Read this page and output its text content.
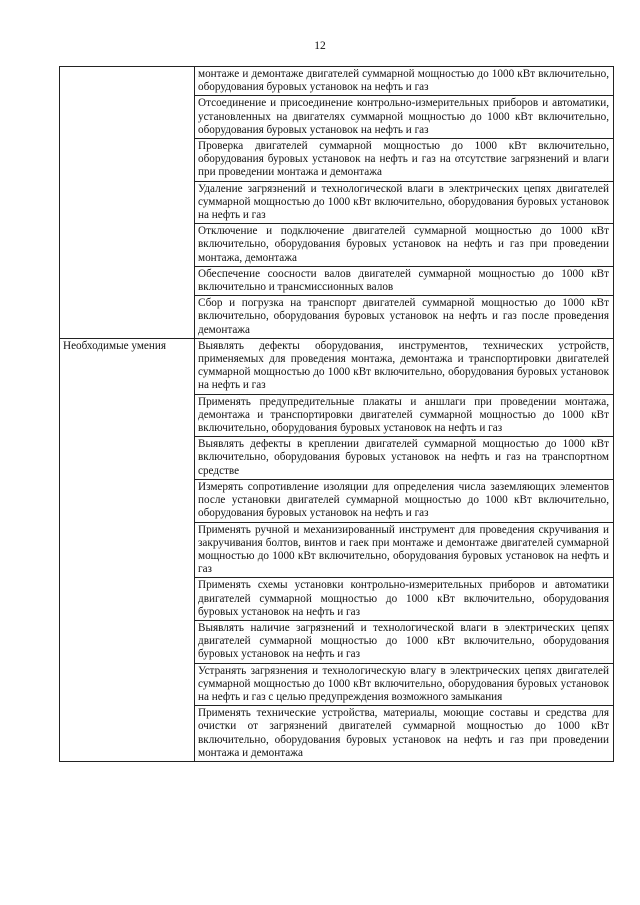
12
	монтаже и демонтаже двигателей суммарной мощностью до 1000 кВт включительно, оборудования буровых установок на нефть и газ
	Отсоединение и присоединение контрольно-измерительных приборов и автоматики, установленных на двигателях суммарной мощностью до 1000 кВт включительно, оборудования буровых установок на нефть и газ
	Проверка двигателей суммарной мощностью до 1000 кВт включительно, оборудования буровых установок на нефть и газ на отсутствие загрязнений и влаги при проведении монтажа и демонтажа
	Удаление загрязнений и технологической влаги в электрических цепях двигателей суммарной мощностью до 1000 кВт включительно, оборудования буровых установок на нефть и газ
	Отключение и подключение двигателей суммарной мощностью до 1000 кВт включительно, оборудования буровых установок на нефть и газ при проведении монтажа, демонтажа
	Обеспечение соосности валов двигателей суммарной мощностью до 1000 кВт включительно и трансмиссионных валов
	Сбор и погрузка на транспорт двигателей суммарной мощностью до 1000 кВт включительно, оборудования буровых установок на нефть и газ после проведения демонтажа
Необходимые умения	Выявлять дефекты оборудования, инструментов, технических устройств, применяемых для проведения монтажа, демонтажа и транспортировки двигателей суммарной мощностью до 1000 кВт включительно, оборудования буровых установок на нефть и газ
	Применять предупредительные плакаты и аншлаги при проведении монтажа, демонтажа и транспортировки двигателей суммарной мощностью до 1000 кВт включительно, оборудования буровых установок на нефть и газ
	Выявлять дефекты в креплении двигателей суммарной мощностью до 1000 кВт включительно, оборудования буровых установок на нефть и газ на транспортном средстве
	Измерять сопротивление изоляции для определения числа заземляющих элементов после установки двигателей суммарной мощностью до 1000 кВт включительно, оборудования буровых установок на нефть и газ
	Применять ручной и механизированный инструмент для проведения скручивания и закручивания болтов, винтов и гаек при монтаже и демонтаже двигателей суммарной мощностью до 1000 кВт включительно, оборудования буровых установок на нефть и газ
	Применять схемы установки контрольно-измерительных приборов и автоматики двигателей суммарной мощностью до 1000 кВт включительно, оборудования буровых установок на нефть и газ
	Выявлять наличие загрязнений и технологической влаги в электрических цепях двигателей суммарной мощностью до 1000 кВт включительно, оборудования буровых установок на нефть и газ
	Устранять загрязнения и технологическую влагу в электрических цепях двигателей суммарной мощностью до 1000 кВт включительно, оборудования буровых установок на нефть и газ с целью предупреждения возможного замыкания
	Применять технические устройства, материалы, моющие составы и средства для очистки от загрязнений двигателей суммарной мощностью до 1000 кВт включительно, оборудования буровых установок на нефть и газ при проведении монтажа и демонтажа
